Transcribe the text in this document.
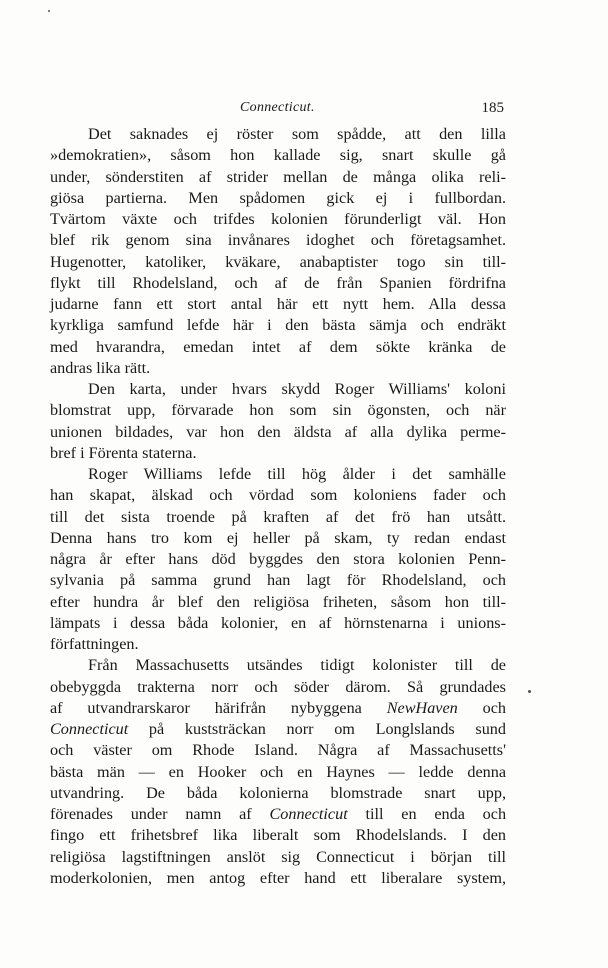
Connecticut.	185
Det saknades ej röster som spådde, att den lilla
»demokratien», såsom hon kallade sig, snart skulle gå
under, sönderstiten af strider mellan de många olika reli-
giösa partierna. Men spådomen gick ej i fullbordan.
Tvärtom växte och trifdes kolonien förunderligt väl. Hon
blef rik genom sina invånares idoghet och företagsamhet.
Hugenotter, katoliker, kväkare, anabaptister togo sin till-
flykt till Rhodelsland, och af de från Spanien fördrifna
judarne fann ett stort antal här ett nytt hem. Alla dessa
kyrkliga samfund lefde här i den bästa sämja och endräkt
med hvarandra, emedan intet af dem sökte kränka de
andras lika rätt.
Den karta, under hvars skydd Roger Williams' koloni
blomstrat upp, förvarade hon som sin ögonsten, och när
unionen bildades, var hon den äldsta af alla dylika perme-
bref i Förenta staterna.
Roger Williams lefde till hög ålder i det samhälle
han skapat, älskad och vördad som koloniens fader och
till det sista troende på kraften af det frö han utsått.
Denna hans tro kom ej heller på skam, ty redan endast
några år efter hans död byggdes den stora kolonien Penn-
sylvania på samma grund han lagt för Rhodelsland, och
efter hundra år blef den religiösa friheten, såsom hon till-
lämpats i dessa båda kolonier, en af hörnstenarna i unions-
författningen.
Från Massachusetts utsändes tidigt kolonister till de
obebyggda trakterna norr och söder därom. Så grundades
af utvandrarskaror härifrån nybyggena NewHaven och
Connecticut på kuststräckan norr om Longlslands sund
och väster om Rhode Island. Några af Massachusetts'
bästa män — en Hooker och en Haynes — ledde denna
utvandring. De båda kolonierna blomstrade snart upp,
förenades under namn af Connecticut till en enda och
fingo ett frihetsbref lika liberalt som Rhodelslands. I den
religiösa lagstiftningen anslöt sig Connecticut i början till
moderkolonien, men antog efter hand ett liberalare system,
